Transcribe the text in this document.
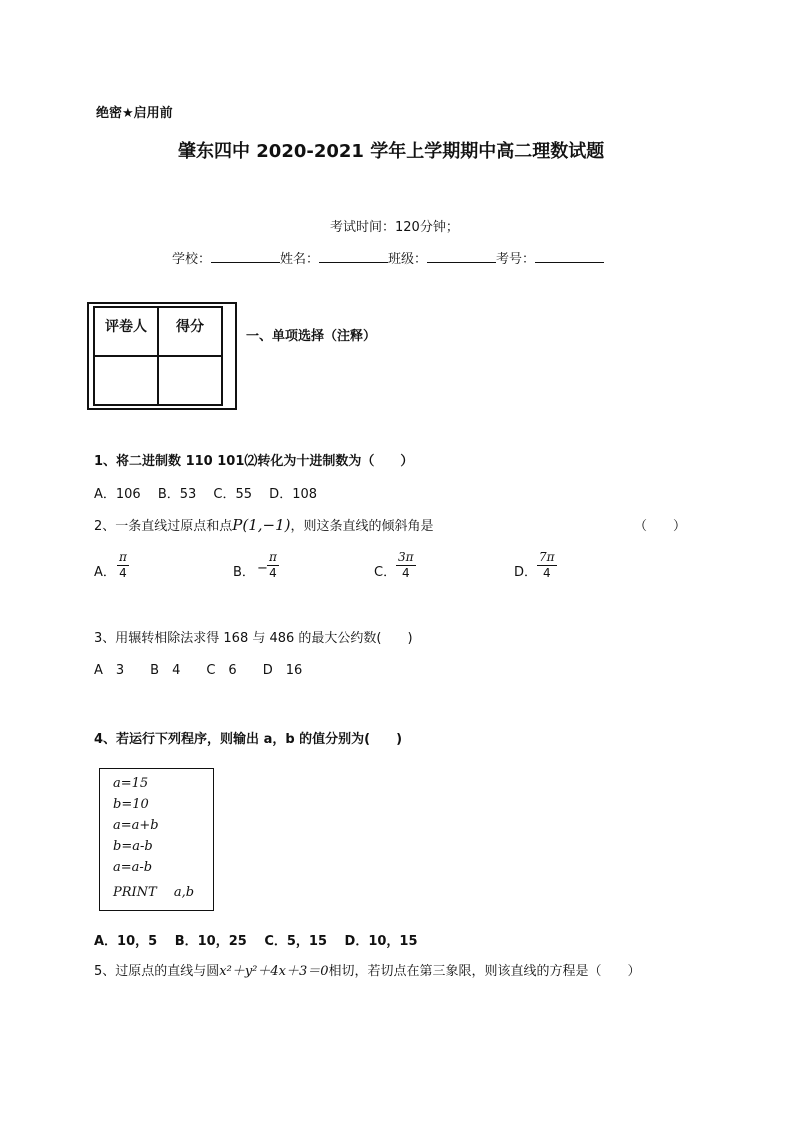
绝密★启用前
肇东四中 2020-2021 学年上学期期中高二理数试题
考试时间：120分钟；
学校：	姓名：	班级：	考号：
评卷人	得分

一、单项选择（注释）
1、将二进制数 110 101⑵转化为十进制数为（　　）
A．106　 B．53　 C．55　 D．108
2、一条直线过原点和点P(1,−1)，则这条直线的倾斜角是	（　　）
A． $\frac{\pi}{4}$	B． − $\frac{\pi}{4}$	C． $\frac{3\pi}{4}$	D． $\frac{7\pi}{4}$
3、用辗转相除法求得 168 与 486 的最大公约数(　　)
A　3　　B　4　　C　6　　D　16
4、若运行下列程序，则输出 a，b 的值分别为(　　)
a=15
b=10
a=a+b
b=a-b
a=a-b
PRINT　 a,b
A．10，5　 B．10，25　 C．5，15　 D．10，15
5、过原点的直线与圆x²＋y²＋4x＋3＝0相切，若切点在第三象限，则该直线的方程是（　　）
